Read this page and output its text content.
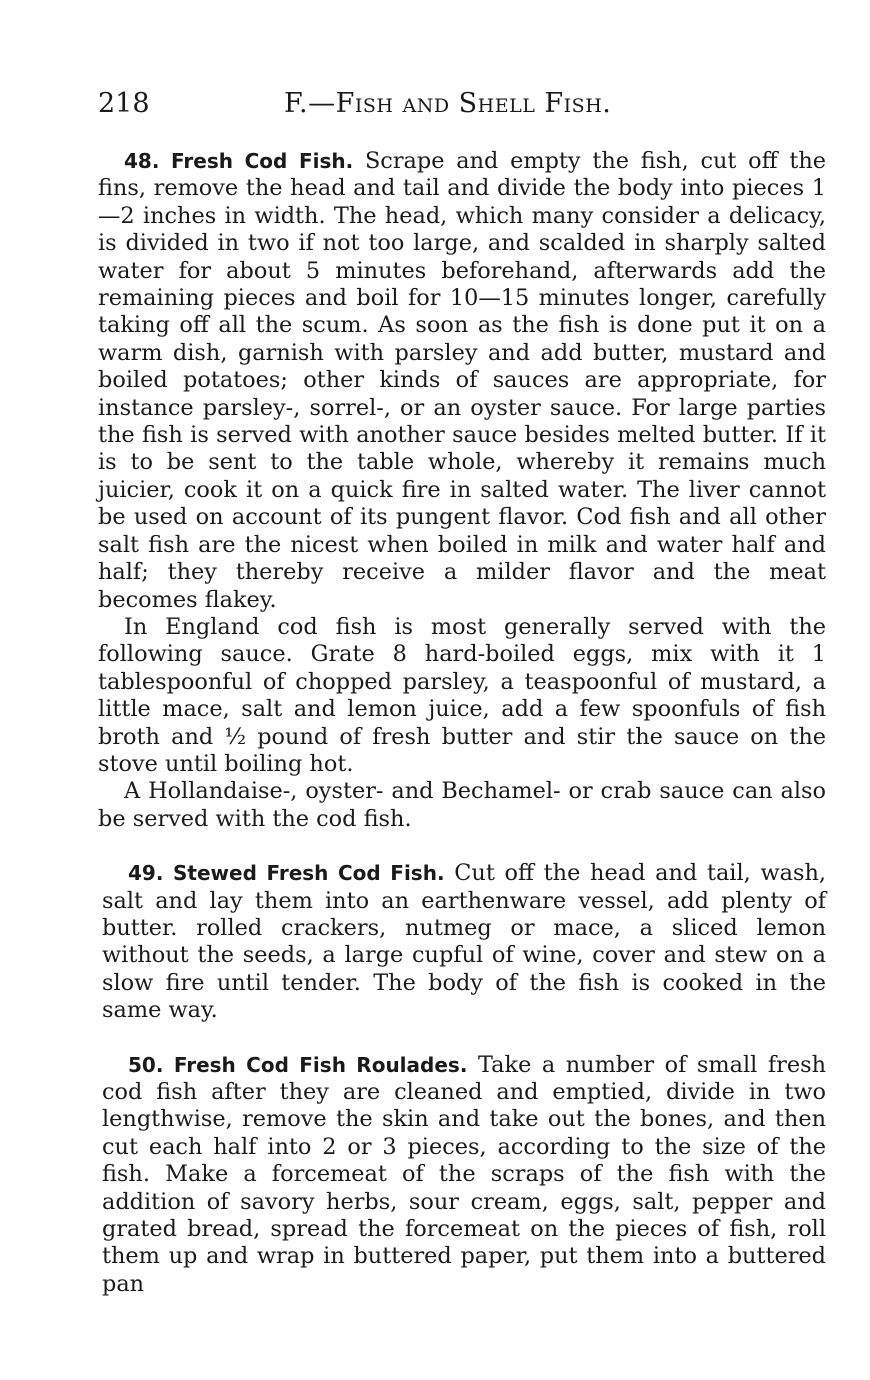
218	F.—Fish and Shell Fish.

48. Fresh Cod Fish. Scrape and empty the fish, cut off the fins, remove the head and tail and divide the body into pieces 1—2 inches in width. The head, which many consider a delicacy, is divided in two if not too large, and scalded in sharply salted water for about 5 minutes beforehand, afterwards add the remaining pieces and boil for 10—15 minutes longer, carefully taking off all the scum. As soon as the fish is done put it on a warm dish, garnish with parsley and add butter, mustard and boiled potatoes; other kinds of sauces are appropriate, for instance parsley-, sorrel-, or an oyster sauce. For large parties the fish is served with another sauce besides melted butter. If it is to be sent to the table whole, whereby it remains much juicier, cook it on a quick fire in salted water. The liver cannot be used on account of its pungent flavor. Cod fish and all other salt fish are the nicest when boiled in milk and water half and half; they thereby receive a milder flavor and the meat becomes flakey.

In England cod fish is most generally served with the following sauce. Grate 8 hard-boiled eggs, mix with it 1 tablespoonful of chopped parsley, a teaspoonful of mustard, a little mace, salt and lemon juice, add a few spoonfuls of fish broth and ½ pound of fresh butter and stir the sauce on the stove until boiling hot.

A Hollandaise-, oyster- and Bechamel- or crab sauce can also be served with the cod fish.

49. Stewed Fresh Cod Fish. Cut off the head and tail, wash, salt and lay them into an earthenware vessel, add plenty of butter. rolled crackers, nutmeg or mace, a sliced lemon without the seeds, a large cupful of wine, cover and stew on a slow fire until tender. The body of the fish is cooked in the same way.

50. Fresh Cod Fish Roulades. Take a number of small fresh cod fish after they are cleaned and emptied, divide in two lengthwise, remove the skin and take out the bones, and then cut each half into 2 or 3 pieces, according to the size of the fish. Make a forcemeat of the scraps of the fish with the addition of savory herbs, sour cream, eggs, salt, pepper and grated bread, spread the forcemeat on the pieces of fish, roll them up and wrap in buttered paper, put them into a buttered pan
